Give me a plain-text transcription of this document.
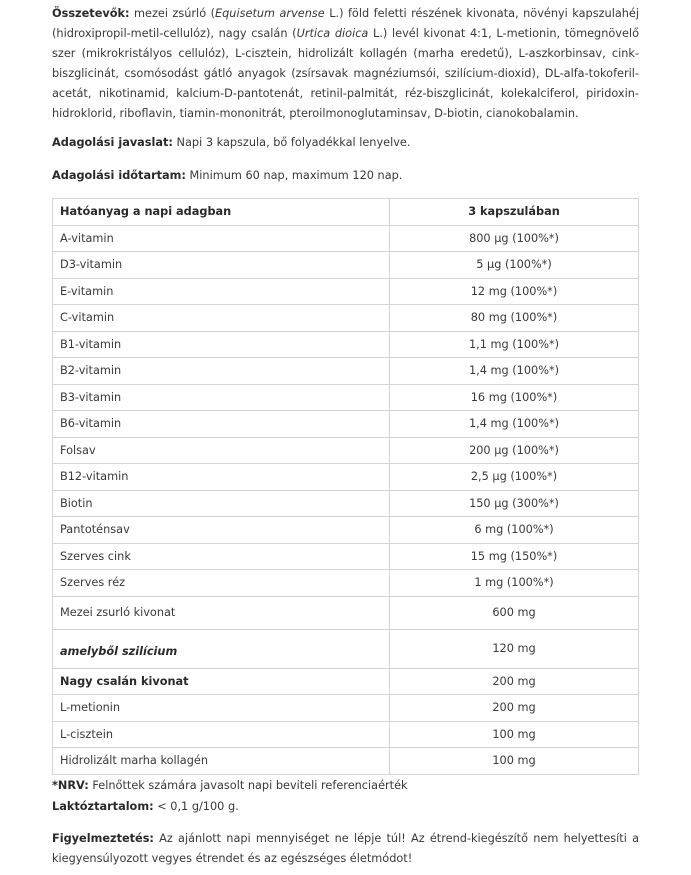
Összetevők: mezei zsúrló (Equisetum arvense L.) föld feletti részének kivonata, növényi kapszulahéj (hidroxipropil-metil-cellulóz), nagy csalán (Urtica dioica L.) levél kivonat 4:1, L-metionin, tömegnövelő szer (mikrokristályos cellulóz), L-cisztein, hidrolizált kollagén (marha eredetű), L-aszkorbinsav, cink-biszglicinát, csomósodást gátló anyagok (zsírsavak magnéziumsói, szilícium-dioxid), DL-alfa-tokoferil-acetát, nikotinamid, kalcium-D-pantotenát, retinil-palmitát, réz-biszglicinát, kolekalciferol, piridoxin-hidroklorid, riboflavin, tiamin-mononitrát, pteroilmonoglutaminsav, D-biotin, cianokobalamin.

Adagolási javaslat: Napi 3 kapszula, bő folyadékkal lenyelve.

Adagolási időtartam: Minimum 60 nap, maximum 120 nap.

Hatóanyag a napi adagban	3 kapszulában
A-vitamin	800 µg (100%*)
D3-vitamin	5 µg (100%*)
E-vitamin	12 mg (100%*)
C-vitamin	80 mg (100%*)
B1-vitamin	1,1 mg (100%*)
B2-vitamin	1,4 mg (100%*)
B3-vitamin	16 mg (100%*)
B6-vitamin	1,4 mg (100%*)
Folsav	200 µg (100%*)
B12-vitamin	2,5 µg (100%*)
Biotin	150 µg (300%*)
Pantoténsav	6 mg (100%*)
Szerves cink	15 mg (150%*)
Szerves réz	1 mg (100%*)
Mezei zsurló kivonat	600 mg
amelyből szilícium	120 mg
Nagy csalán kivonat	200 mg
L-metionin	200 mg
L-cisztein	100 mg
Hidrolizált marha kollagén	100 mg

*NRV: Felnőttek számára javasolt napi beviteli referenciaérték

Laktóztartalom: < 0,1 g/100 g.

Figyelmeztetés: Az ajánlott napi mennyiséget ne lépje túl! Az étrend-kiegészítő nem helyettesíti a kiegyensúlyozott vegyes étrendet és az egészséges életmódot!
